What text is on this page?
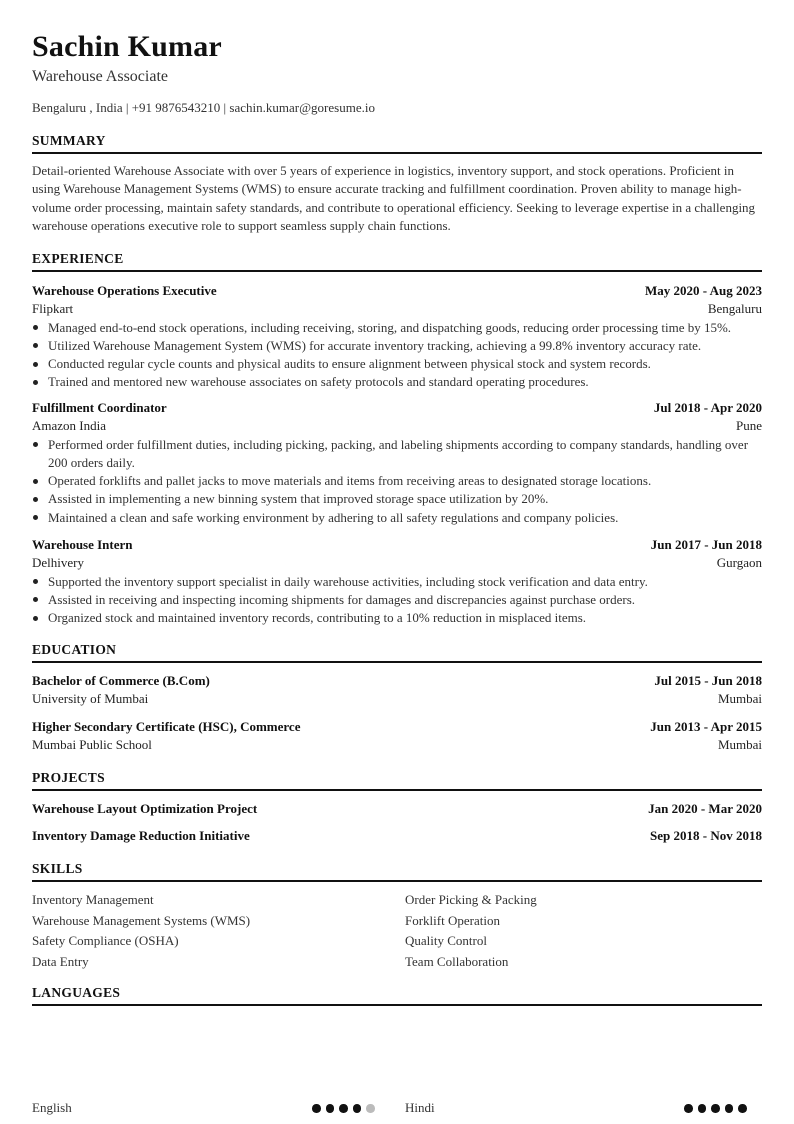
Sachin Kumar
Warehouse Associate
Bengaluru , India | +91 9876543210 | sachin.kumar@goresume.io
SUMMARY
Detail-oriented Warehouse Associate with over 5 years of experience in logistics, inventory support, and stock operations. Proficient in using Warehouse Management Systems (WMS) to ensure accurate tracking and fulfillment coordination. Proven ability to manage high-volume order processing, maintain safety standards, and contribute to operational efficiency. Seeking to leverage expertise in a challenging warehouse operations executive role to support seamless supply chain functions.
EXPERIENCE
Warehouse Operations Executive	May 2020 - Aug 2023
Flipkart	Bengaluru
Managed end-to-end stock operations, including receiving, storing, and dispatching goods, reducing order processing time by 15%.
Utilized Warehouse Management System (WMS) for accurate inventory tracking, achieving a 99.8% inventory accuracy rate.
Conducted regular cycle counts and physical audits to ensure alignment between physical stock and system records.
Trained and mentored new warehouse associates on safety protocols and standard operating procedures.
Fulfillment Coordinator	Jul 2018 - Apr 2020
Amazon India	Pune
Performed order fulfillment duties, including picking, packing, and labeling shipments according to company standards, handling over 200 orders daily.
Operated forklifts and pallet jacks to move materials and items from receiving areas to designated storage locations.
Assisted in implementing a new binning system that improved storage space utilization by 20%.
Maintained a clean and safe working environment by adhering to all safety regulations and company policies.
Warehouse Intern	Jun 2017 - Jun 2018
Delhivery	Gurgaon
Supported the inventory support specialist in daily warehouse activities, including stock verification and data entry.
Assisted in receiving and inspecting incoming shipments for damages and discrepancies against purchase orders.
Organized stock and maintained inventory records, contributing to a 10% reduction in misplaced items.
EDUCATION
Bachelor of Commerce (B.Com)	Jul 2015 - Jun 2018
University of Mumbai	Mumbai
Higher Secondary Certificate (HSC), Commerce	Jun 2013 - Apr 2015
Mumbai Public School	Mumbai
PROJECTS
Warehouse Layout Optimization Project	Jan 2020 - Mar 2020
Inventory Damage Reduction Initiative	Sep 2018 - Nov 2018
SKILLS
Inventory Management	Order Picking & Packing
Warehouse Management Systems (WMS)	Forklift Operation
Safety Compliance (OSHA)	Quality Control
Data Entry	Team Collaboration
LANGUAGES
English	Hindi
